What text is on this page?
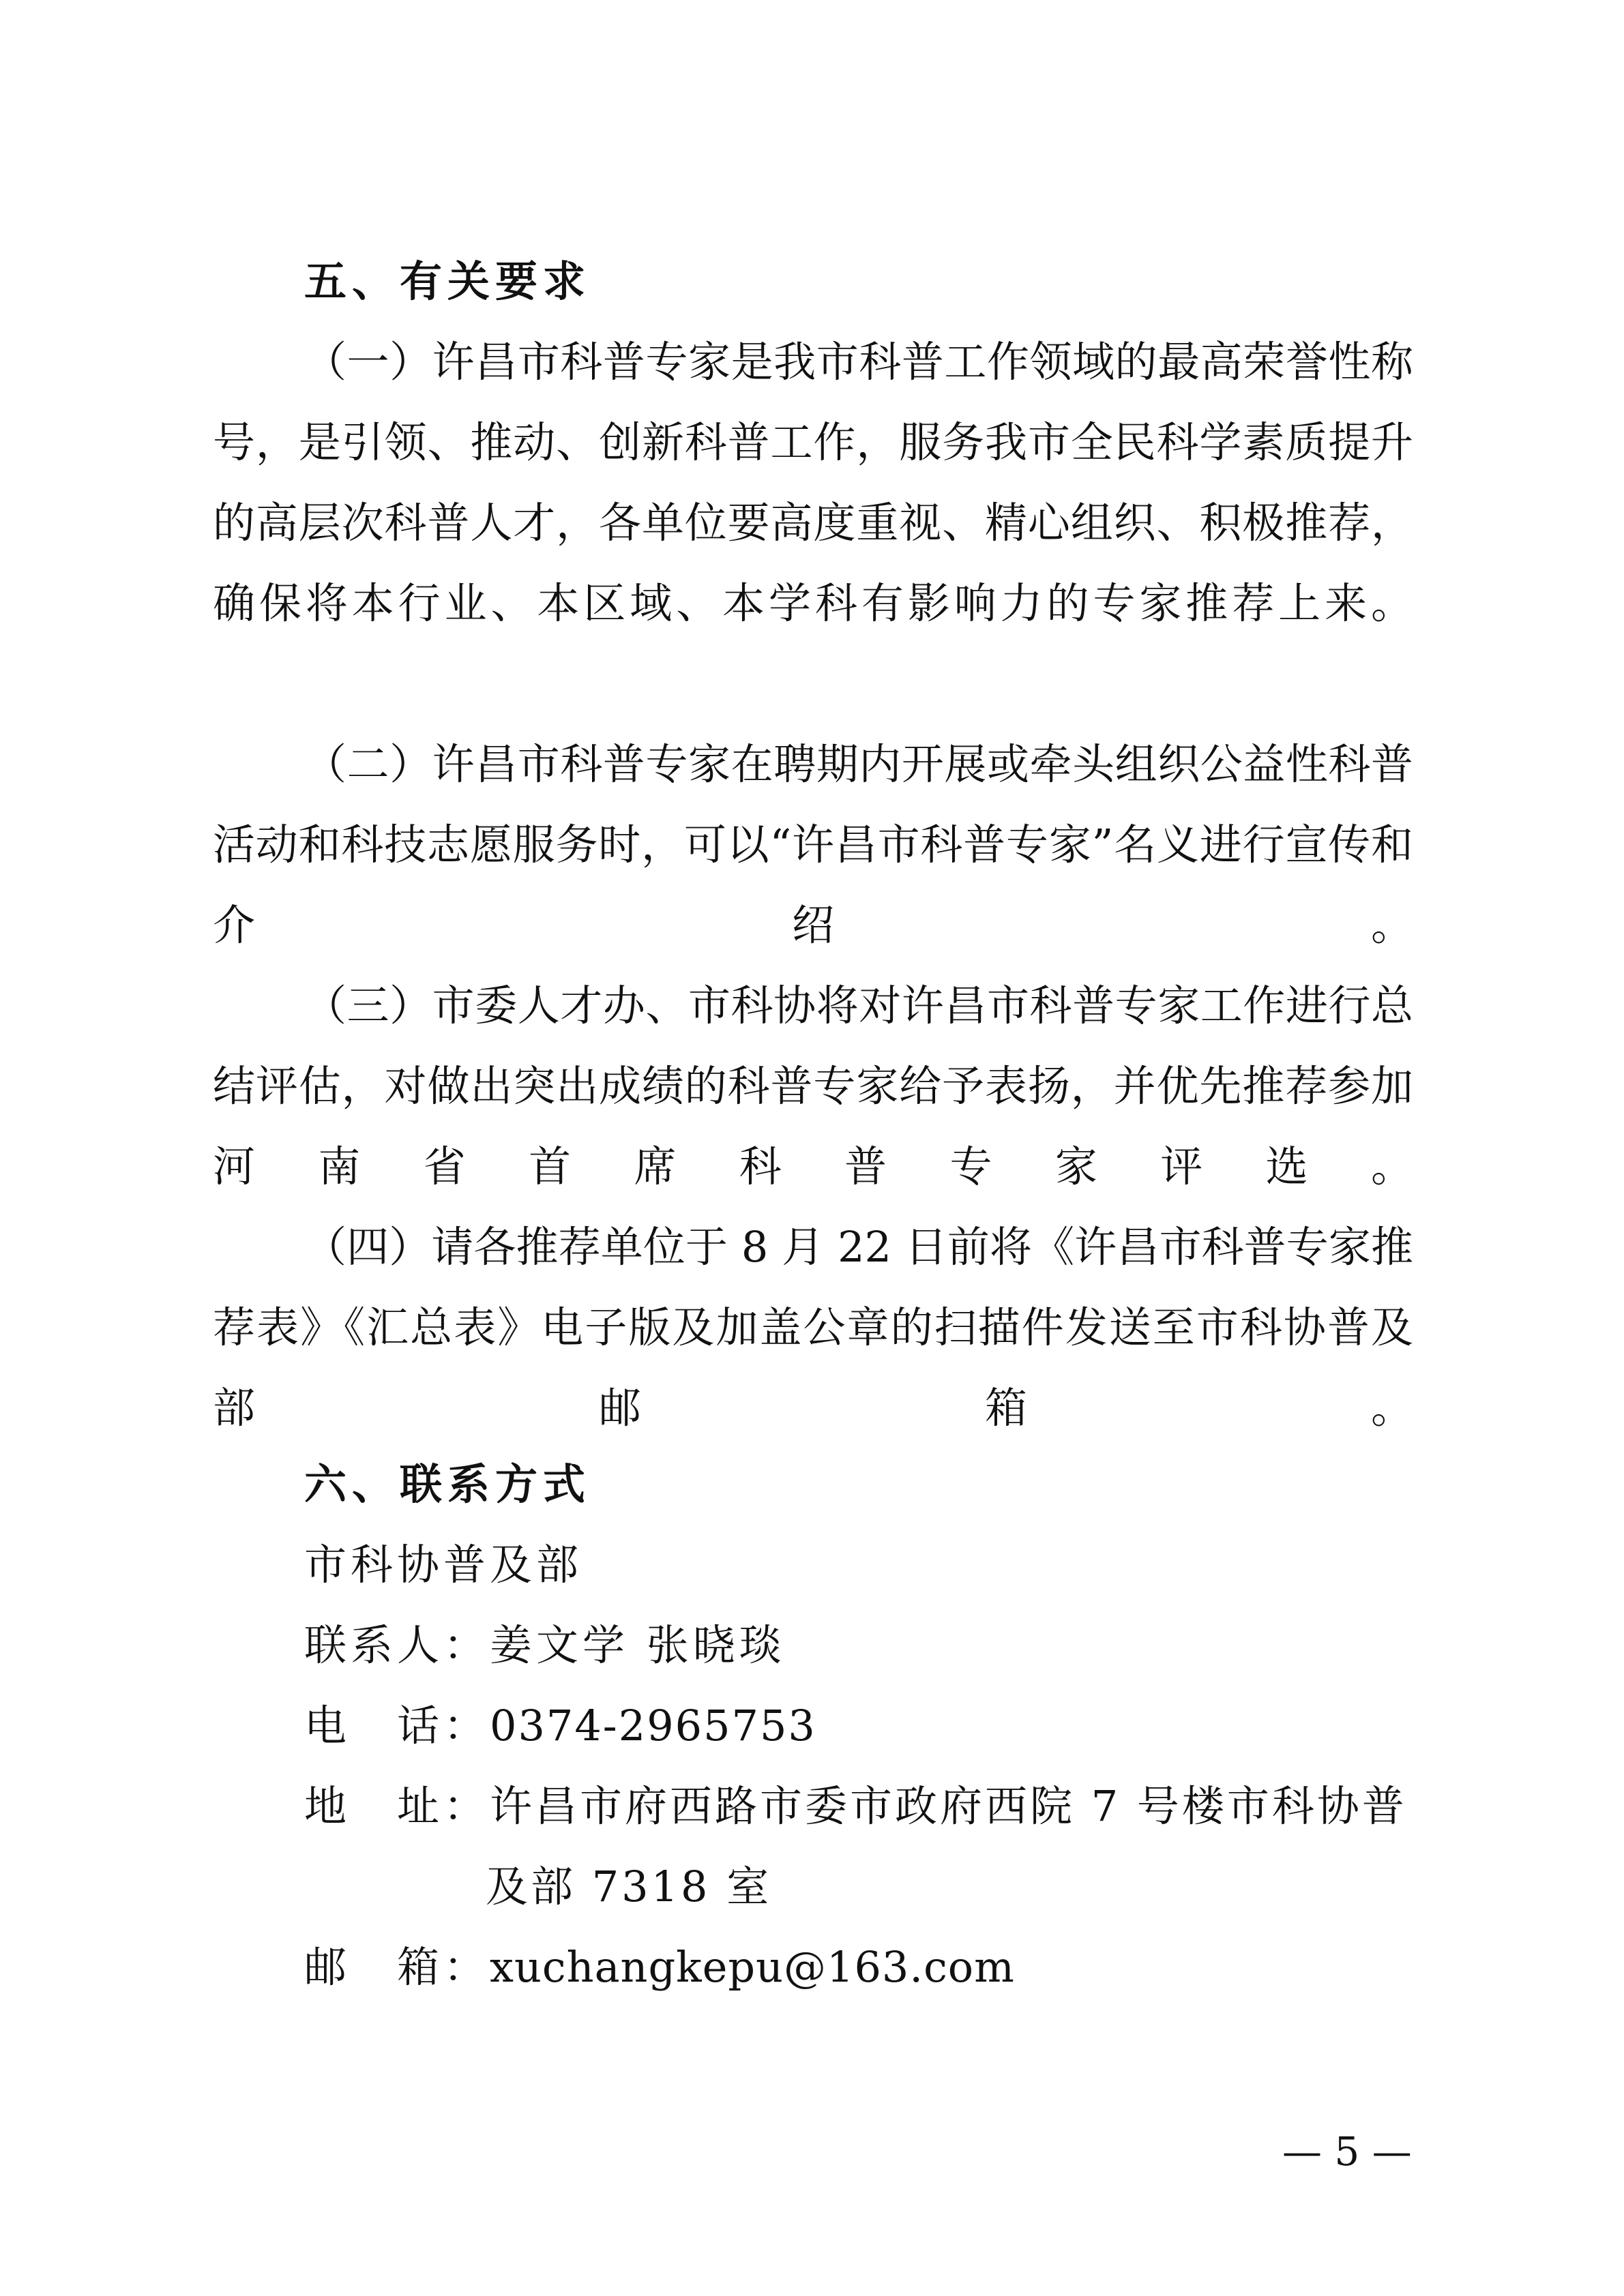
五、有关要求
（一）许昌市科普专家是我市科普工作领域的最高荣誉性称号，是引领、推动、创新科普工作，服务我市全民科学素质提升的高层次科普人才，各单位要高度重视、精心组织、积极推荐，确保将本行业、本区域、本学科有影响力的专家推荐上来。
（二）许昌市科普专家在聘期内开展或牵头组织公益性科普活动和科技志愿服务时，可以“许昌市科普专家”名义进行宣传和介绍。
（三）市委人才办、市科协将对许昌市科普专家工作进行总结评估，对做出突出成绩的科普专家给予表扬，并优先推荐参加河南省首席科普专家评选。
（四）请各推荐单位于 8 月 22 日前将《许昌市科普专家推荐表》《汇总表》电子版及加盖公章的扫描件发送至市科协普及部邮箱。
六、联系方式
市科协普及部
联系人：姜文学 张晓琰
电　话：0374-2965753
地　址：许昌市府西路市委市政府西院 7 号楼市科协普
及部 7318 室
邮　箱：xuchangkepu@163.com
— 5 —
